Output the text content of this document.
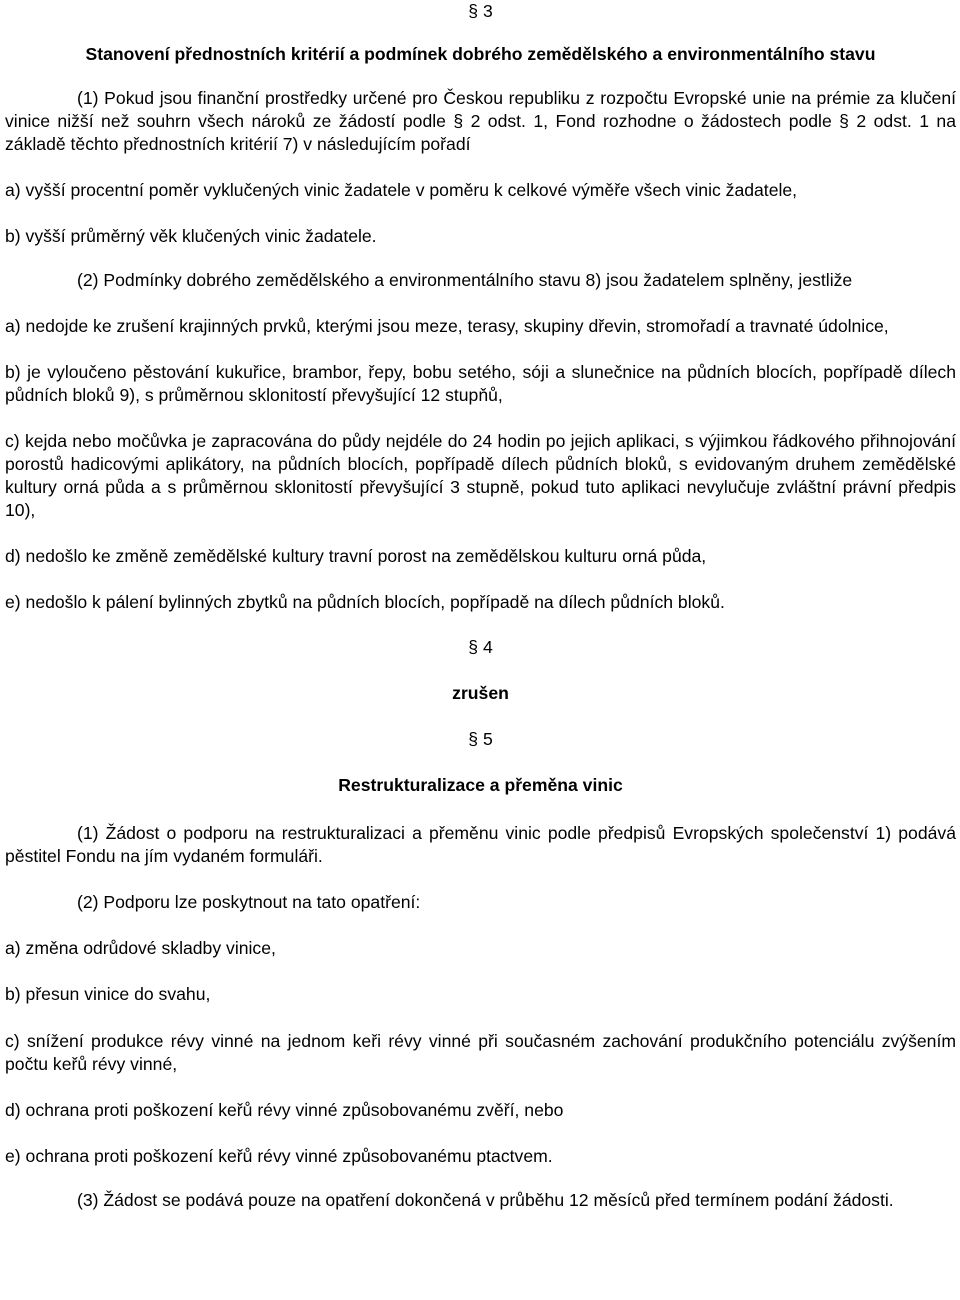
§ 3

Stanovení přednostních kritérií a podmínek dobrého zemědělského a environmentálního stavu

(1) Pokud jsou finanční prostředky určené pro Českou republiku z rozpočtu Evropské unie na prémie za klučení vinice nižší než souhrn všech nároků ze žádostí podle § 2 odst. 1, Fond rozhodne o žádostech podle § 2 odst. 1 na základě těchto přednostních kritérií 7) v následujícím pořadí

a) vyšší procentní poměr vyklučených vinic žadatele v poměru k celkové výměře všech vinic žadatele,

b) vyšší průměrný věk klučených vinic žadatele.

(2) Podmínky dobrého zemědělského a environmentálního stavu 8) jsou žadatelem splněny, jestliže

a) nedojde ke zrušení krajinných prvků, kterými jsou meze, terasy, skupiny dřevin, stromořadí a travnaté údolnice,

b) je vyloučeno pěstování kukuřice, brambor, řepy, bobu setého, sóji a slunečnice na půdních blocích, popřípadě dílech půdních bloků 9), s průměrnou sklonitostí převyšující 12 stupňů,

c) kejda nebo močůvka je zapracována do půdy nejdéle do 24 hodin po jejich aplikaci, s výjimkou řádkového přihnojování porostů hadicovými aplikátory, na půdních blocích, popřípadě dílech půdních bloků, s evidovaným druhem zemědělské kultury orná půda a s průměrnou sklonitostí převyšující 3 stupně, pokud tuto aplikaci nevylučuje zvláštní právní předpis 10),

d) nedošlo ke změně zemědělské kultury travní porost na zemědělskou kulturu orná půda,

e) nedošlo k pálení bylinných zbytků na půdních blocích, popřípadě na dílech půdních bloků.

§ 4

zrušen

§ 5

Restrukturalizace a přeměna vinic

(1) Žádost o podporu na restrukturalizaci a přeměnu vinic podle předpisů Evropských společenství 1) podává pěstitel Fondu na jím vydaném formuláři.

(2) Podporu lze poskytnout na tato opatření:

a) změna odrůdové skladby vinice,

b) přesun vinice do svahu,

c) snížení produkce révy vinné na jednom keři révy vinné při současném zachování produkčního potenciálu zvýšením počtu keřů révy vinné,

d) ochrana proti poškození keřů révy vinné způsobovanému zvěří, nebo

e) ochrana proti poškození keřů révy vinné způsobovanému ptactvem.

(3) Žádost se podává pouze na opatření dokončená v průběhu 12 měsíců před termínem podání žádosti.
